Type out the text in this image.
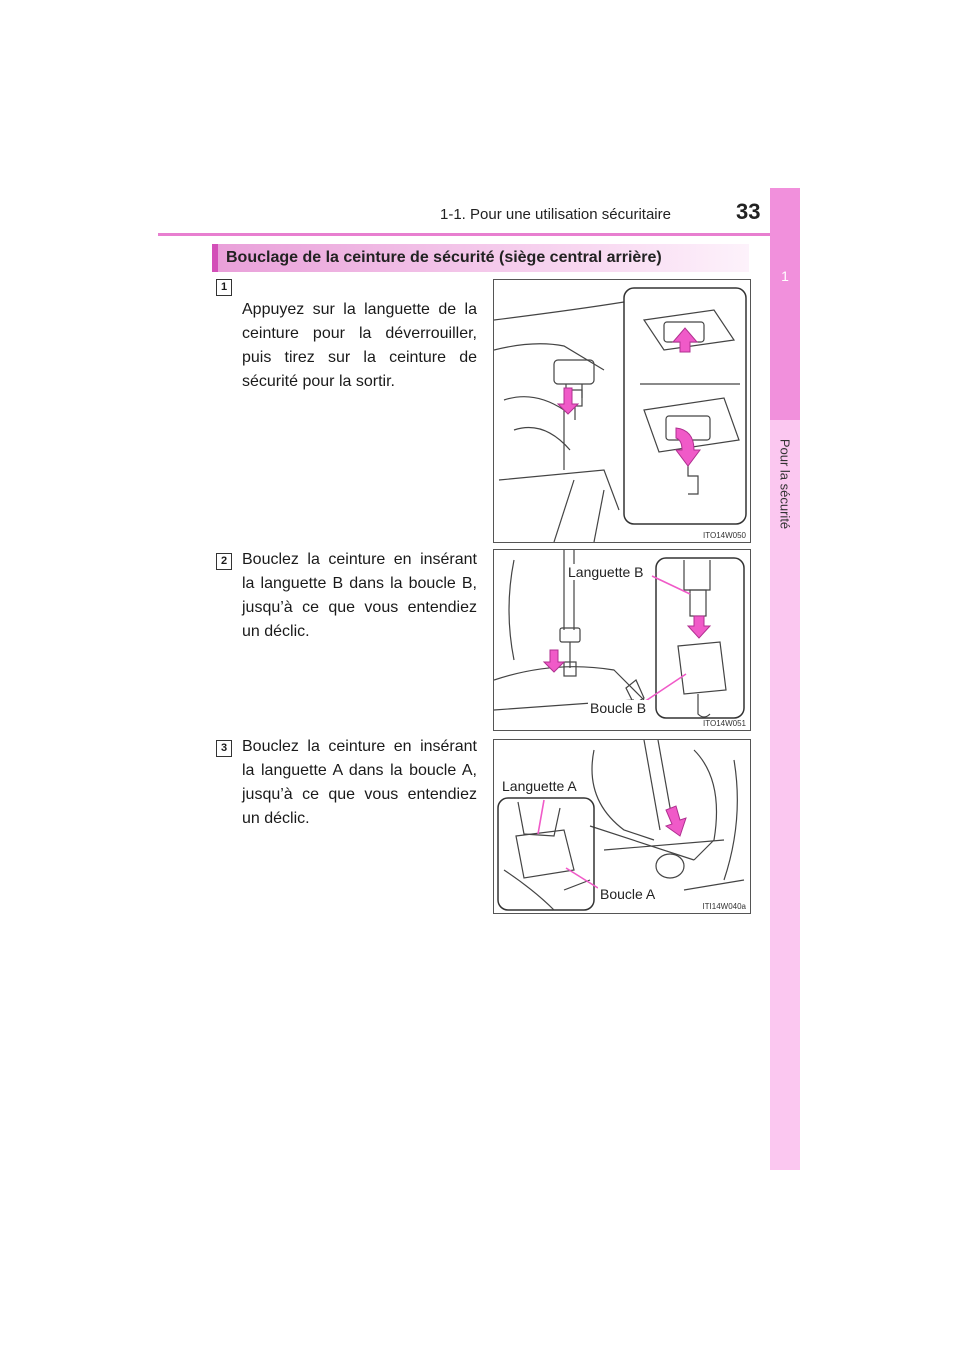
1-1. Pour une utilisation sécuritaire	33
1
Pour la sécurité
Bouclage de la ceinture de sécurité (siège central arrière)
1
Appuyez sur la languette de la ceinture pour la déverrouiller, puis tirez sur la ceinture de sécurité pour la sortir.
ITO14W050
2 Bouclez la ceinture en insérant la languette B dans la boucle B, jusqu’à ce que vous entendiez un déclic.
Languette B
Boucle B
ITO14W051
3 Bouclez la ceinture en insérant la languette A dans la boucle A, jusqu’à ce que vous entendiez un déclic.
Languette A
Boucle A
ITI14W040a
